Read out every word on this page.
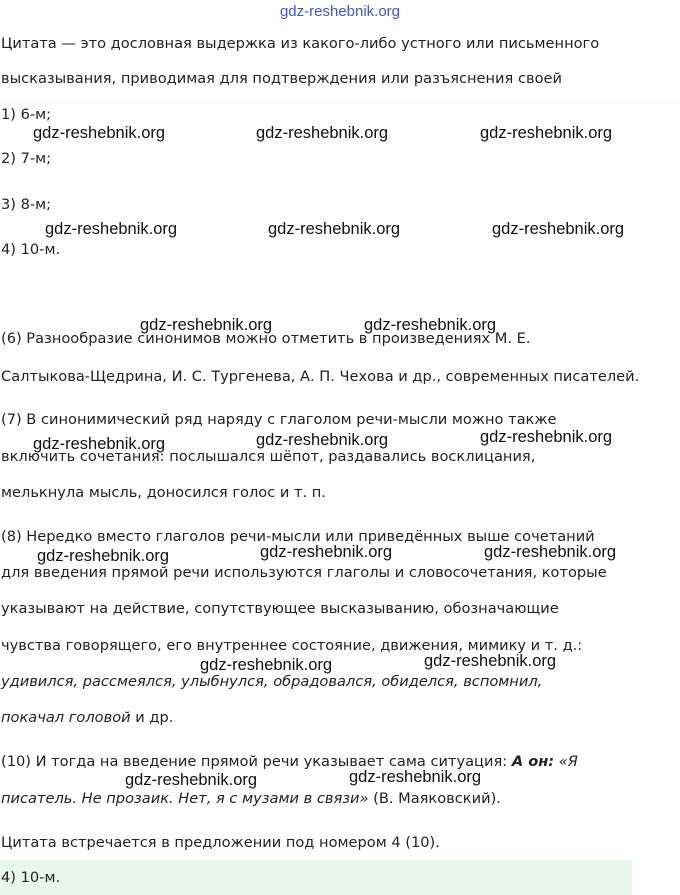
gdz-reshebnik.org
Цитата — это дословная выдержка из какого-либо устного или письменного
высказывания, приводимая для подтверждения или разъяснения своей
1) 6-м;
2) 7-м;
3) 8-м;
4) 10-м.
(6) Разнообразие синонимов можно отметить в произведениях М. Е.
Салтыкова-Щедрина, И. С. Тургенева, А. П. Чехова и др., современных писателей.
(7) В синонимический ряд наряду с глаголом речи-мысли можно также
включить сочетания: послышался шёпот, раздавались восклицания,
мелькнула мысль, доносился голос и т. п.
(8) Нередко вместо глаголов речи-мысли или приведённых выше сочетаний
для введения прямой речи используются глаголы и словосочетания, которые
указывают на действие, сопутствующее высказыванию, обозначающие
чувства говорящего, его внутреннее состояние, движения, мимику и т. д.:
удивился, рассмеялся, улыбнулся, обрадовался, обиделся, вспомнил,
покачал головой и др.
(10) И тогда на введение прямой речи указывает сама ситуация: А он: «Я
писатель. Не прозаик. Нет, я с музами в связи» (В. Маяковский).
Цитата встречается в предложении под номером 4 (10).
4) 10-м.
gdz-reshebnik.org	gdz-reshebnik.org	gdz-reshebnik.org
gdz-reshebnik.org	gdz-reshebnik.org	gdz-reshebnik.org
gdz-reshebnik.org	gdz-reshebnik.org
gdz-reshebnik.org	gdz-reshebnik.org	gdz-reshebnik.org
gdz-reshebnik.org	gdz-reshebnik.org	gdz-reshebnik.org
gdz-reshebnik.org	gdz-reshebnik.org
gdz-reshebnik.org	gdz-reshebnik.org
